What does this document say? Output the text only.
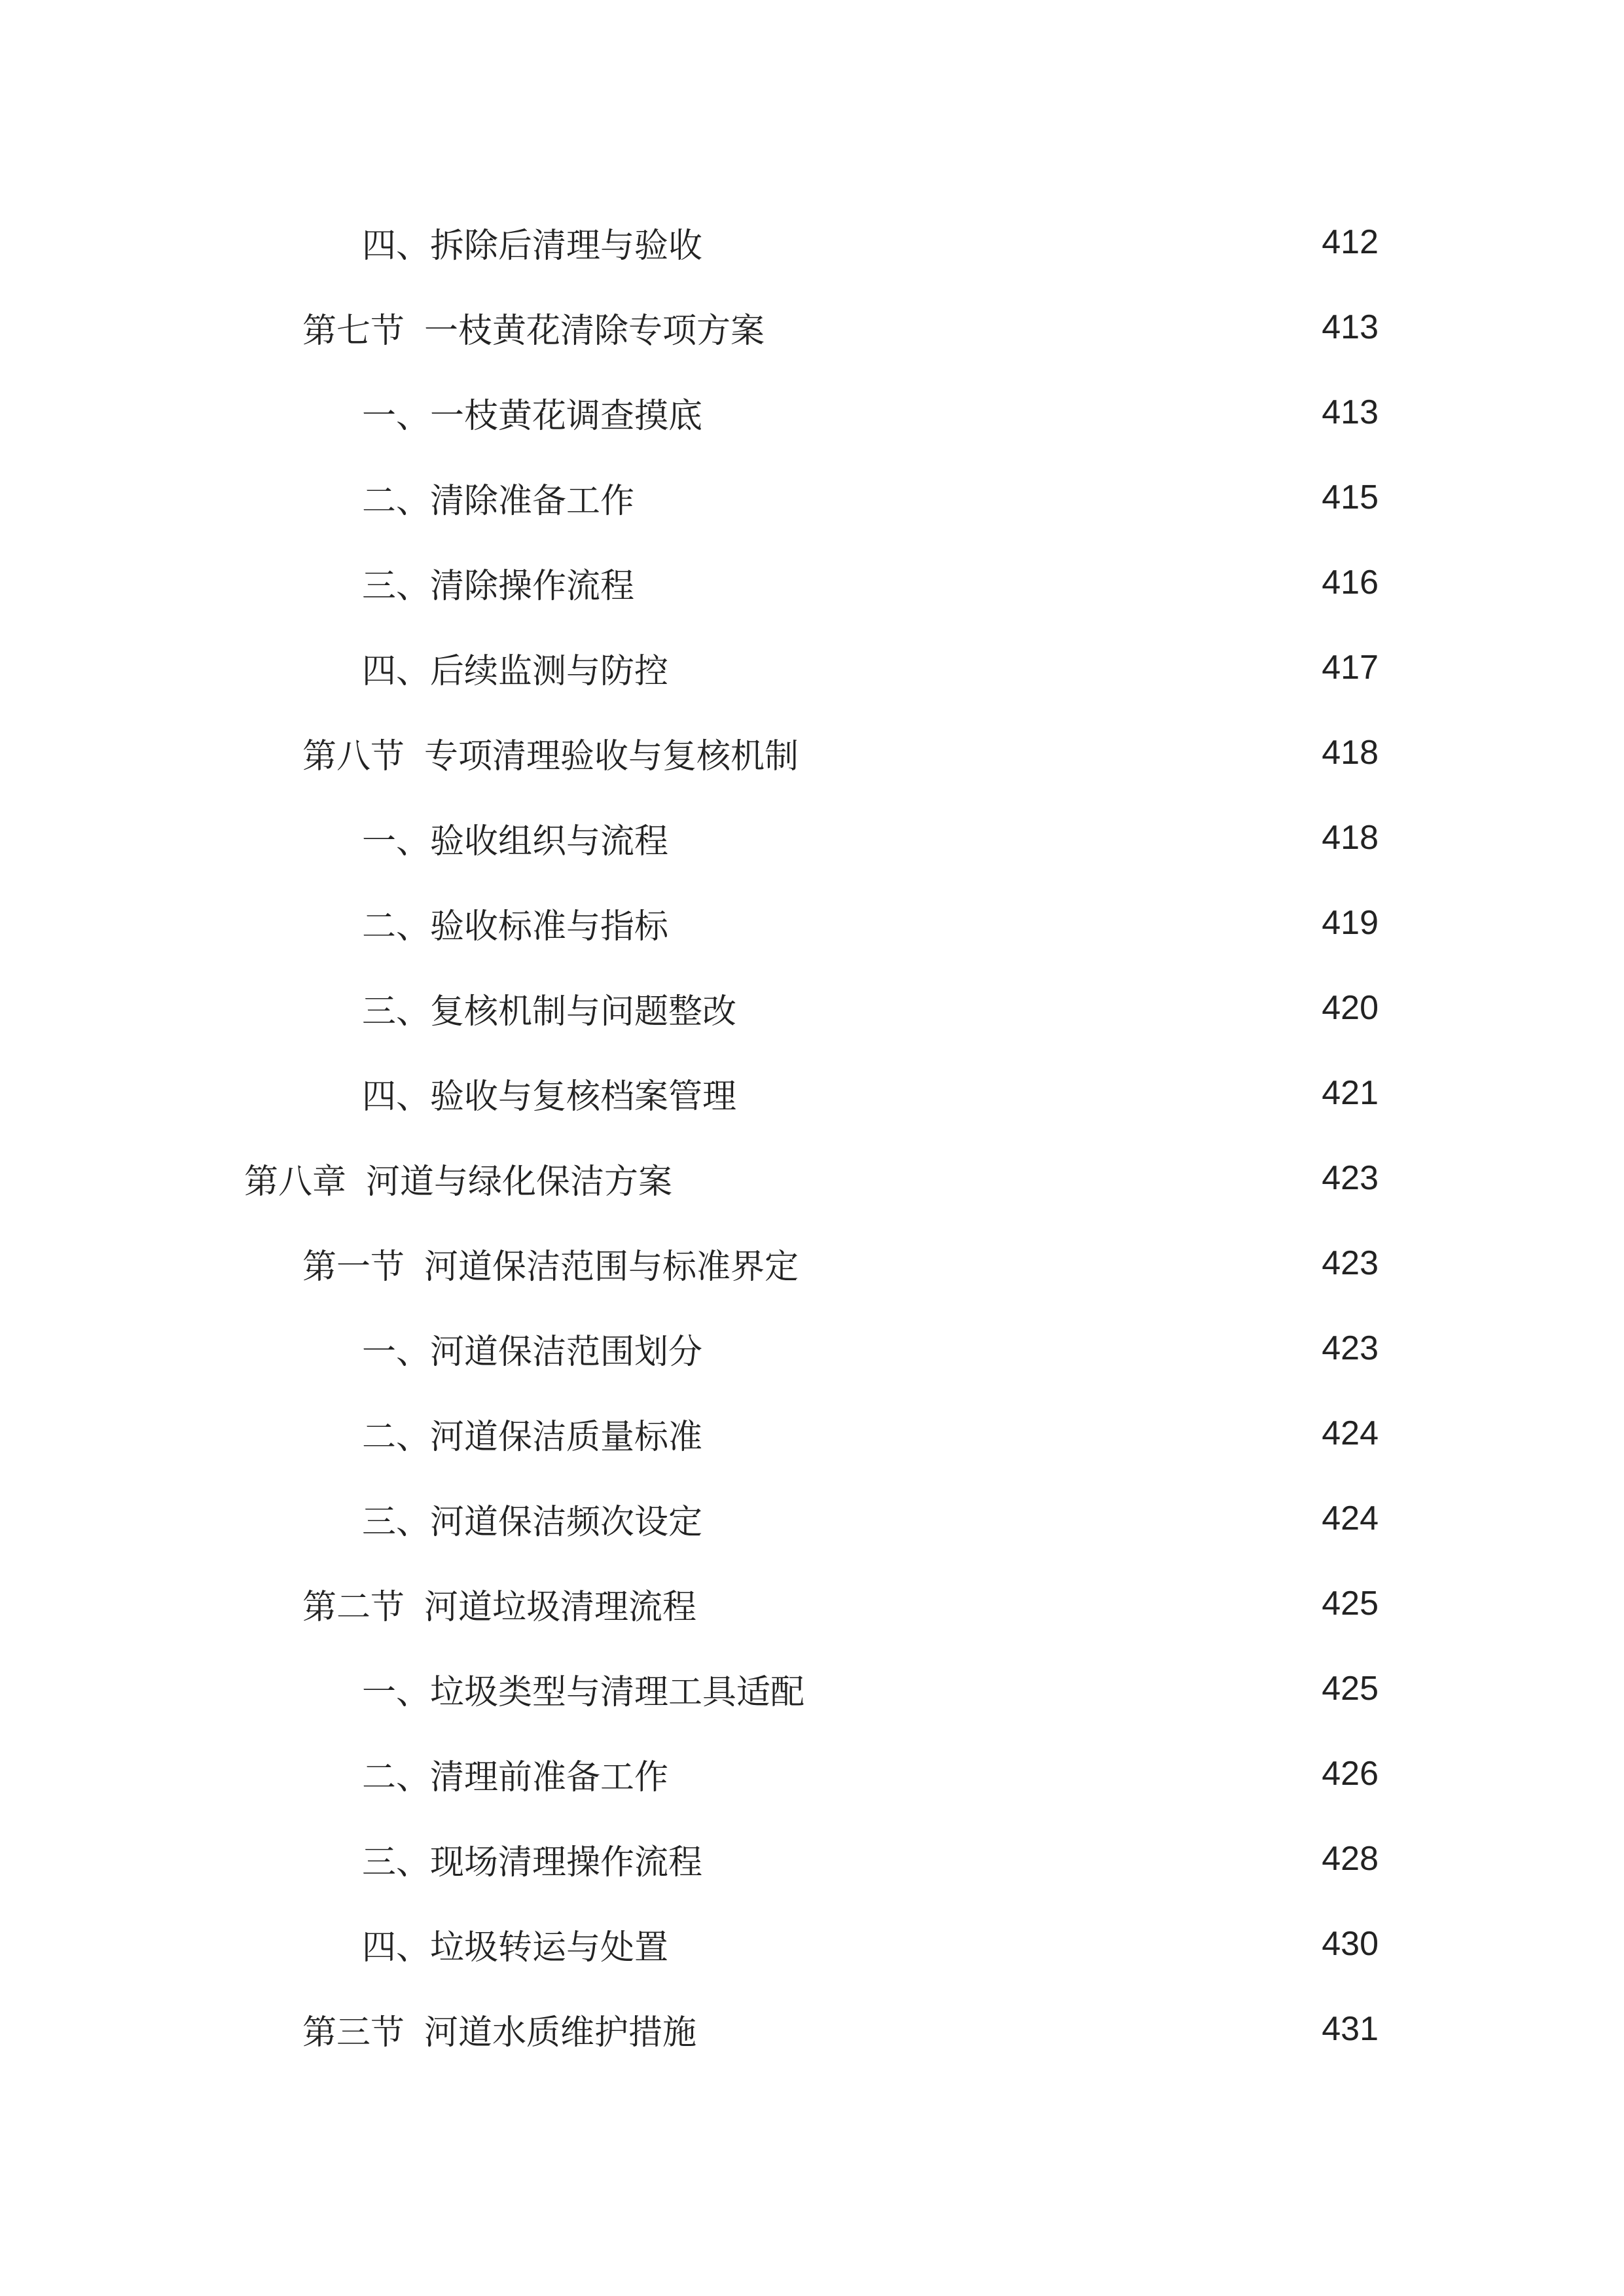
四、拆除后清理与验收	412
第七节 一枝黄花清除专项方案	413
一、一枝黄花调查摸底	413
二、清除准备工作	415
三、清除操作流程	416
四、后续监测与防控	417
第八节 专项清理验收与复核机制	418
一、验收组织与流程	418
二、验收标准与指标	419
三、复核机制与问题整改	420
四、验收与复核档案管理	421
第八章 河道与绿化保洁方案	423
第一节 河道保洁范围与标准界定	423
一、河道保洁范围划分	423
二、河道保洁质量标准	424
三、河道保洁频次设定	424
第二节 河道垃圾清理流程	425
一、垃圾类型与清理工具适配	425
二、清理前准备工作	426
三、现场清理操作流程	428
四、垃圾转运与处置	430
第三节 河道水质维护措施	431
